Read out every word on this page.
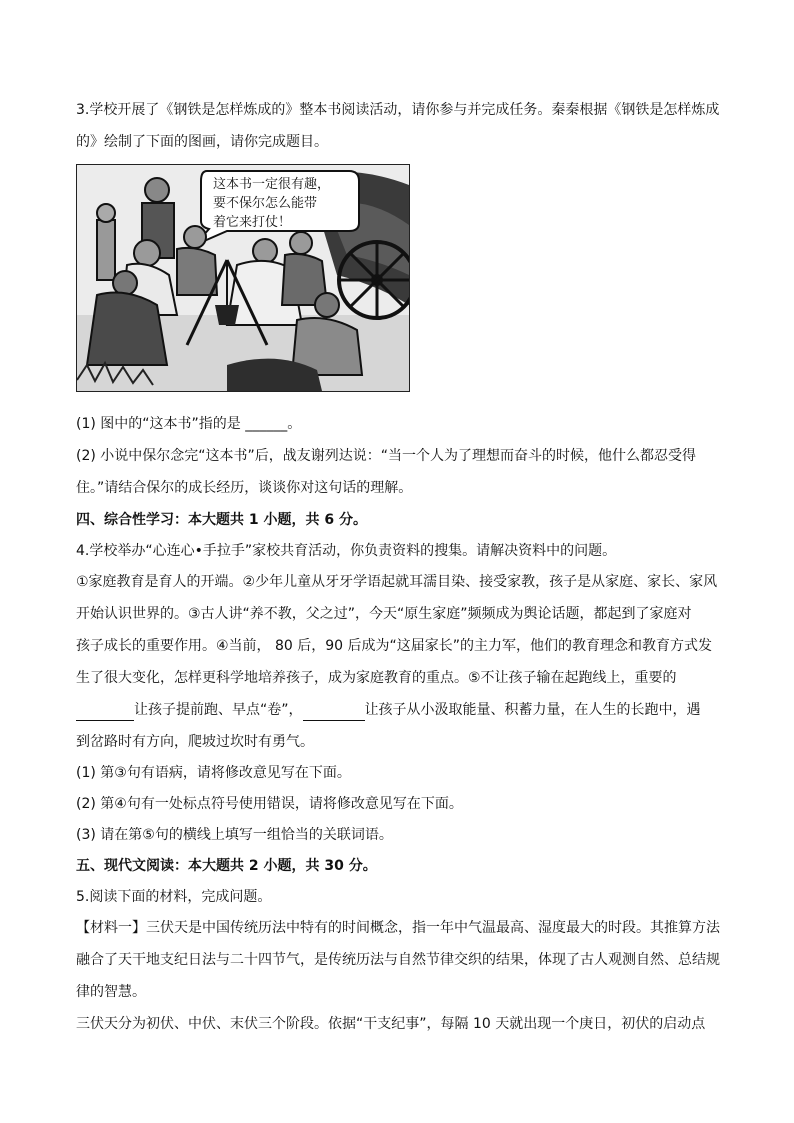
3.学校开展了《钢铁是怎样炼成的》整本书阅读活动，请你参与并完成任务。秦秦根据《钢铁是怎样炼成
的》绘制了下面的图画，请你完成题目。
这本书一定很有趣，
要不保尔怎么能带
着它来打仗！
(1) 图中的“这本书”指的是 ______。
(2) 小说中保尔念完“这本书”后，战友谢列达说：“当一个人为了理想而奋斗的时候，他什么都忍受得
住。”请结合保尔的成长经历，谈谈你对这句话的理解。
四、综合性学习：本大题共 1 小题，共 6 分。
4.学校举办“心连心•手拉手”家校共育活动，你负责资料的搜集。请解决资料中的问题。
①家庭教育是育人的开端。②少年儿童从牙牙学语起就耳濡目染、接受家教，孩子是从家庭、家长、家风
开始认识世界的。③古人讲“养不教，父之过”，今天“原生家庭”频频成为舆论话题，都起到了家庭对
孩子成长的重要作用。④当前， 80 后，90 后成为“这届家长”的主力军，他们的教育理念和教育方式发
生了很大变化，怎样更科学地培养孩子，成为家庭教育的重点。⑤不让孩子输在起跑线上，重要的
让孩子提前跑、早点“卷”，	让孩子从小汲取能量、积蓄力量，在人生的长跑中，遇
到岔路时有方向，爬坡过坎时有勇气。
(1) 第③句有语病，请将修改意见写在下面。
(2) 第④句有一处标点符号使用错误，请将修改意见写在下面。
(3) 请在第⑤句的横线上填写一组恰当的关联词语。
五、现代文阅读：本大题共 2 小题，共 30 分。
5.阅读下面的材料，完成问题。
【材料一】三伏天是中国传统历法中特有的时间概念，指一年中气温最高、湿度最大的时段。其推算方法
融合了天干地支纪日法与二十四节气，是传统历法与自然节律交织的结果，体现了古人观测自然、总结规
律的智慧。
三伏天分为初伏、中伏、末伏三个阶段。依据“干支纪事”，每隔 10 天就出现一个庚日，初伏的启动点
